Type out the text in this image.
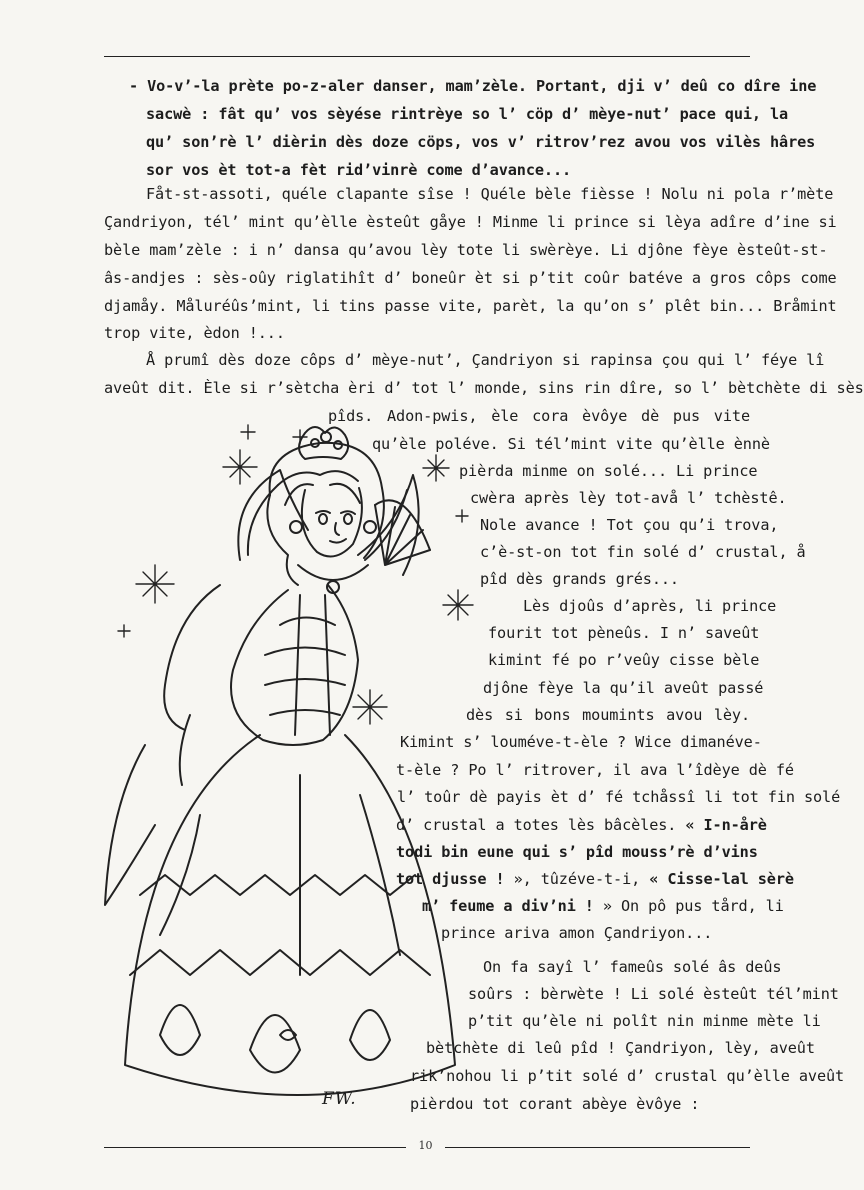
- Vo-v’-la prète po-z-aler danser, mam’zèle. Portant, dji v’ deû co dîre ine
sacwè : fât qu’ vos sèyése rintrèye so l’ cöp d’ mèye-nut’ pace qui, la
qu’ son’rè l’ dièrin dès doze cöps, vos v’ ritrov’rez avou vos vilès hâres
sor vos èt tot-a fèt rid’vinrè come d’avance...
Fåt-st-assoti, quéle clapante sîse ! Quéle bèle fièsse ! Nolu ni pola r’mète
Çandriyon, tél’ mint qu’èlle èsteût gåye ! Minme li prince si lèya adîre d’ine si
bèle mam’zèle : i n’ dansa qu’avou lèy tote li swèrèye. Li djône fèye èsteût-st-
âs-andjes : sès-oûy riglatihît d’ boneûr èt si p’tit coûr batéve a gros côps come
djamåy. Måluréûs’mint, li tins passe vite, parèt, la qu’on s’ plêt bin... Bråmint
trop vite, èdon !...
Å prumî dès doze côps d’ mèye-nut’, Çandriyon si rapinsa çou qui l’ féye lî
aveût dit. Èle si r’sètcha èri d’ tot l’ monde, sins rin dîre, so l’ bètchète di sès
pîds. Adon-pwis, èle cora èvôye dè pus vite
qu’èle poléve. Si tél’mint vite qu’èlle ènnè
pièrda minme on solé... Li prince
cwèra après lèy tot-avå l’ tchèstê.
Nole avance ! Tot çou qu’i trova,
c’è-st-on tot fin solé d’ crustal, å
pîd dès grands grés...
Lès djoûs d’après, li prince
fourit tot pèneûs. I n’ saveût
kimint fé po r’veûy cisse bèle
djône fèye la qu’il aveût passé
dès si bons moumints avou lèy.
Kimint s’ louméve-t-èle ? Wice dimanéve-
t-èle ? Po l’ ritrover, il ava l’îdèye dè fé
l’ toûr dè payis èt d’ fé tchåssî li tot fin solé
d’ crustal a totes lès bâcèles. « I-n-årè
todi bin eune qui s’ pîd mouss’rè d’vins
tot djusse ! », tûzéve-t-i, « Cisse-lal sèrè
m’ feume a div’ni ! » On pô pus tård, li
prince ariva amon Çandriyon...
On fa sayî l’ fameûs solé âs deûs
soûrs : bèrwète ! Li solé èsteût tél’mint
p’tit qu’èle ni polît nin minme mète li
bètchète di leû pîd ! Çandriyon, lèy, aveût
rik’nohou li p’tit solé d’ crustal qu’èlle aveût
pièrdou tot corant abèye èvôye :
FW.
10
